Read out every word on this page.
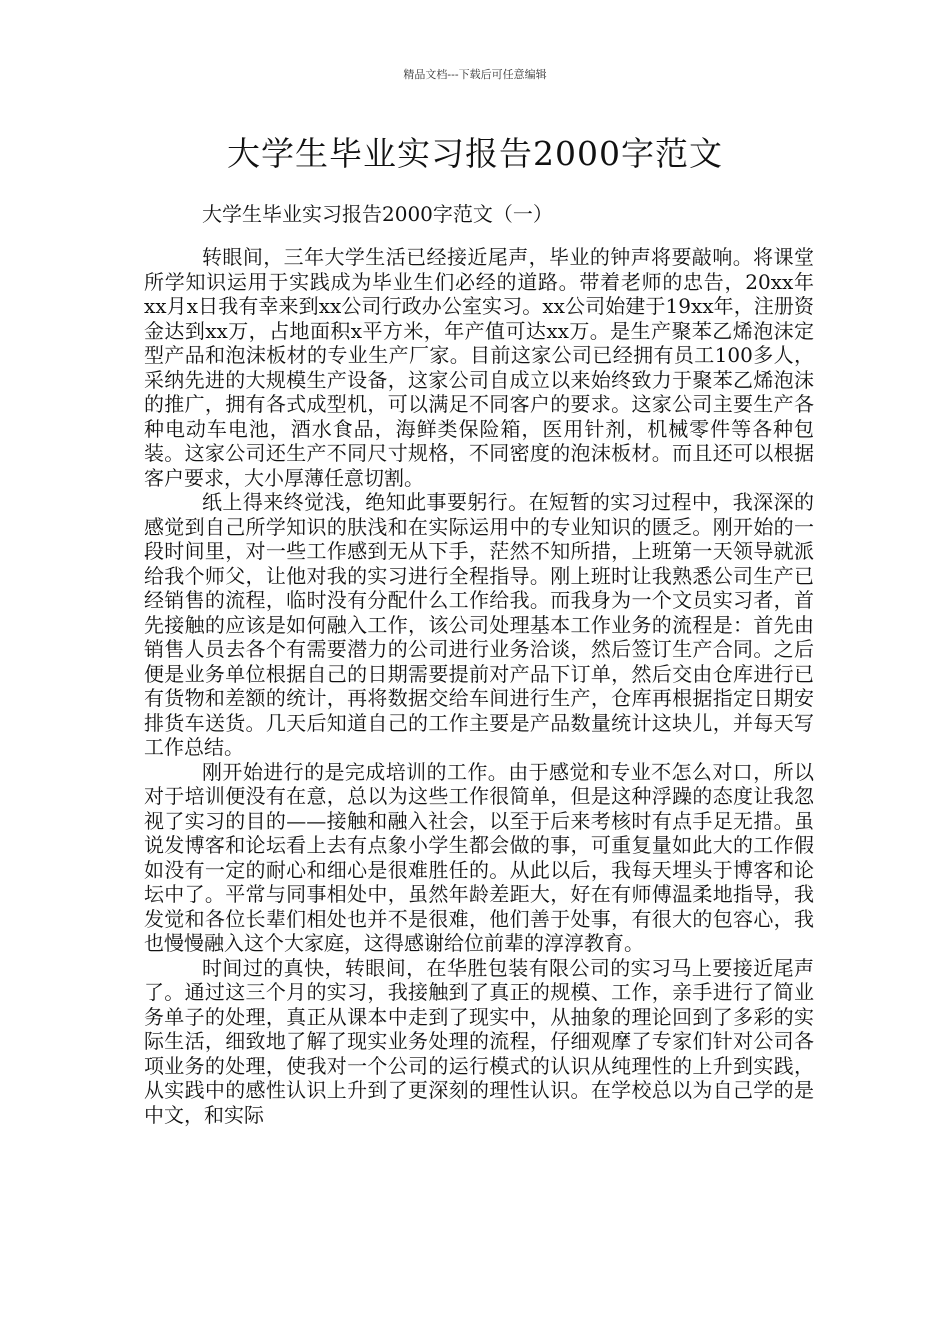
精品文档---下载后可任意编辑
大学生毕业实习报告2000字范文
大学生毕业实习报告2000字范文（一）

转眼间，三年大学生活已经接近尾声，毕业的钟声将要敲响。将课堂所学知识运用于实践成为毕业生们必经的道路。带着老师的忠告，20xx年xx月x日我有幸来到xx公司行政办公室实习。xx公司始建于19xx年，注册资金达到xx万，占地面积x平方米，年产值可达xx万。是生产聚苯乙烯泡沫定型产品和泡沫板材的专业生产厂家。目前这家公司已经拥有员工100多人，采纳先进的大规模生产设备，这家公司自成立以来始终致力于聚苯乙烯泡沫的推广，拥有各式成型机，可以满足不同客户的要求。这家公司主要生产各种电动车电池，酒水食品，海鲜类保险箱，医用针剂，机械零件等各种包装。这家公司还生产不同尺寸规格，不同密度的泡沫板材。而且还可以根据客户要求，大小厚薄任意切割。

纸上得来终觉浅，绝知此事要躬行。在短暂的实习过程中，我深深的感觉到自己所学知识的肤浅和在实际运用中的专业知识的匮乏。刚开始的一段时间里，对一些工作感到无从下手，茫然不知所措，上班第一天领导就派给我个师父，让他对我的实习进行全程指导。刚上班时让我熟悉公司生产已经销售的流程，临时没有分配什么工作给我。而我身为一个文员实习者，首先接触的应该是如何融入工作，该公司处理基本工作业务的流程是：首先由销售人员去各个有需要潜力的公司进行业务洽谈，然后签订生产合同。之后便是业务单位根据自己的日期需要提前对产品下订单，然后交由仓库进行已有货物和差额的统计，再将数据交给车间进行生产，仓库再根据指定日期安排货车送货。几天后知道自己的工作主要是产品数量统计这块儿，并每天写工作总结。

刚开始进行的是完成培训的工作。由于感觉和专业不怎么对口，所以对于培训便没有在意，总以为这些工作很简单，但是这种浮躁的态度让我忽视了实习的目的——接触和融入社会，以至于后来考核时有点手足无措。虽说发博客和论坛看上去有点象小学生都会做的事，可重复量如此大的工作假如没有一定的耐心和细心是很难胜任的。从此以后，我每天埋头于博客和论坛中了。平常与同事相处中，虽然年龄差距大，好在有师傅温柔地指导，我发觉和各位长辈们相处也并不是很难，他们善于处事，有很大的包容心，我也慢慢融入这个大家庭，这得感谢给位前辈的淳淳教育。

时间过的真快，转眼间，在华胜包装有限公司的实习马上要接近尾声了。通过这三个月的实习，我接触到了真正的规模、工作，亲手进行了简业务单子的处理，真正从课本中走到了现实中，从抽象的理论回到了多彩的实际生活，细致地了解了现实业务处理的流程，仔细观摩了专家们针对公司各项业务的处理，使我对一个公司的运行模式的认识从纯理性的上升到实践，从实践中的感性认识上升到了更深刻的理性认识。在学校总以为自己学的是中文，和实际
